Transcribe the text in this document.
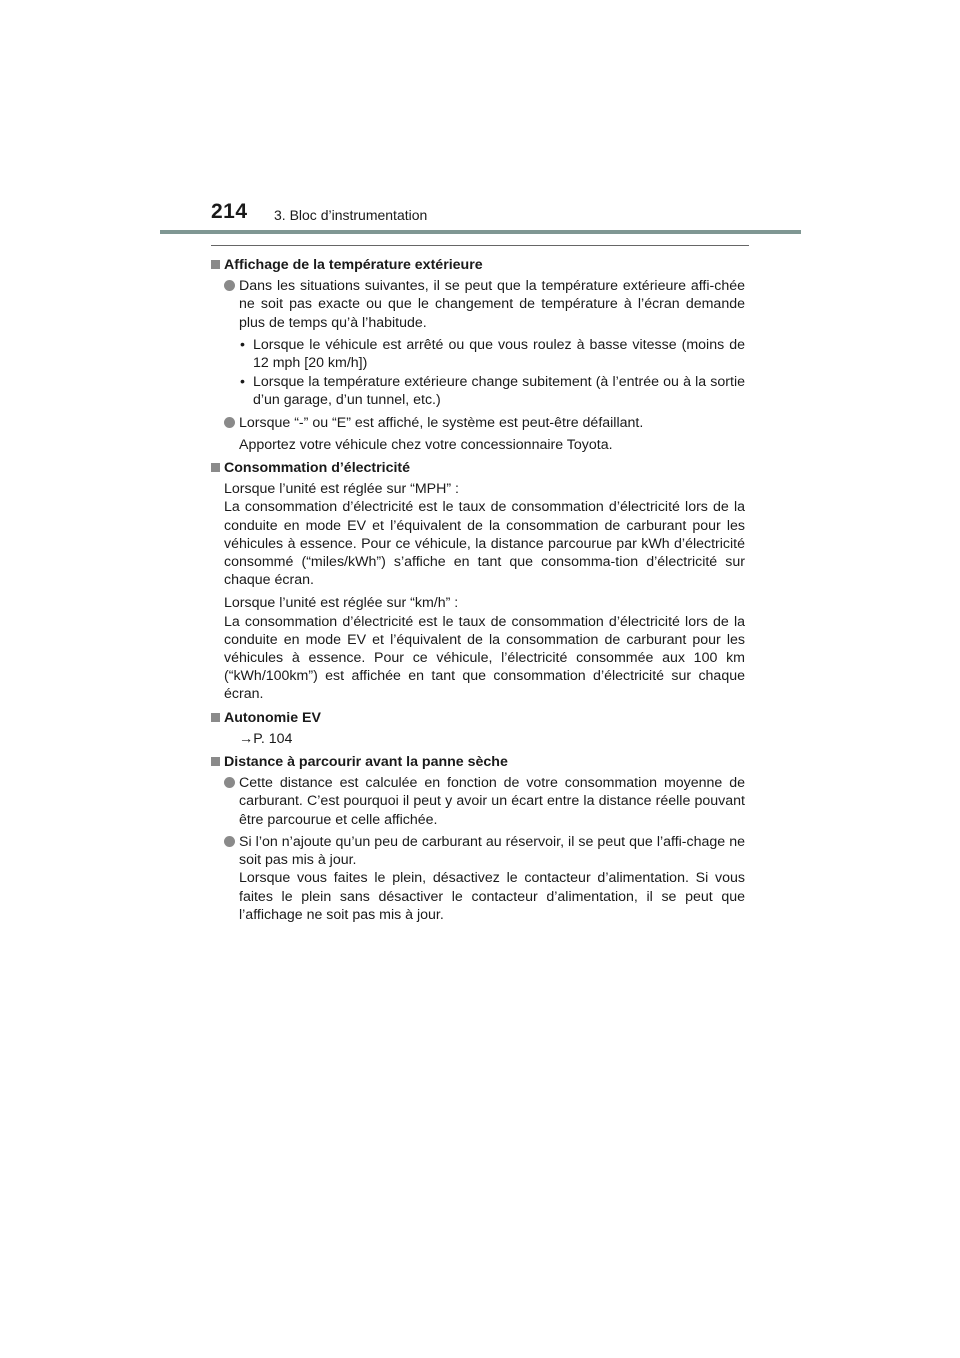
214 3. Bloc d’instrumentation
Affichage de la température extérieure
Dans les situations suivantes, il se peut que la température extérieure affi-chée ne soit pas exacte ou que le changement de température à l’écran demande plus de temps qu’à l’habitude.
• Lorsque le véhicule est arrêté ou que vous roulez à basse vitesse (moins de 12 mph [20 km/h])
• Lorsque la température extérieure change subitement (à l’entrée ou à la sortie d’un garage, d’un tunnel, etc.)
Lorsque “-” ou “E” est affiché, le système est peut-être défaillant.
Apportez votre véhicule chez votre concessionnaire Toyota.
Consommation d’électricité
Lorsque l’unité est réglée sur “MPH” :
La consommation d’électricité est le taux de consommation d’électricité lors de la conduite en mode EV et l’équivalent de la consommation de carburant pour les véhicules à essence. Pour ce véhicule, la distance parcourue par kWh d’électricité consommé (“miles/kWh”) s’affiche en tant que consomma-tion d’électricité sur chaque écran.
Lorsque l’unité est réglée sur “km/h” :
La consommation d’électricité est le taux de consommation d’électricité lors de la conduite en mode EV et l’équivalent de la consommation de carburant pour les véhicules à essence. Pour ce véhicule, l’électricité consommée aux 100 km (“kWh/100km”) est affichée en tant que consommation d’électricité sur chaque écran.
Autonomie EV
→P. 104
Distance à parcourir avant la panne sèche
Cette distance est calculée en fonction de votre consommation moyenne de carburant. C’est pourquoi il peut y avoir un écart entre la distance réelle pouvant être parcourue et celle affichée.
Si l’on n’ajoute qu’un peu de carburant au réservoir, il se peut que l’affi-chage ne soit pas mis à jour.
Lorsque vous faites le plein, désactivez le contacteur d’alimentation. Si vous faites le plein sans désactiver le contacteur d’alimentation, il se peut que l’affichage ne soit pas mis à jour.
